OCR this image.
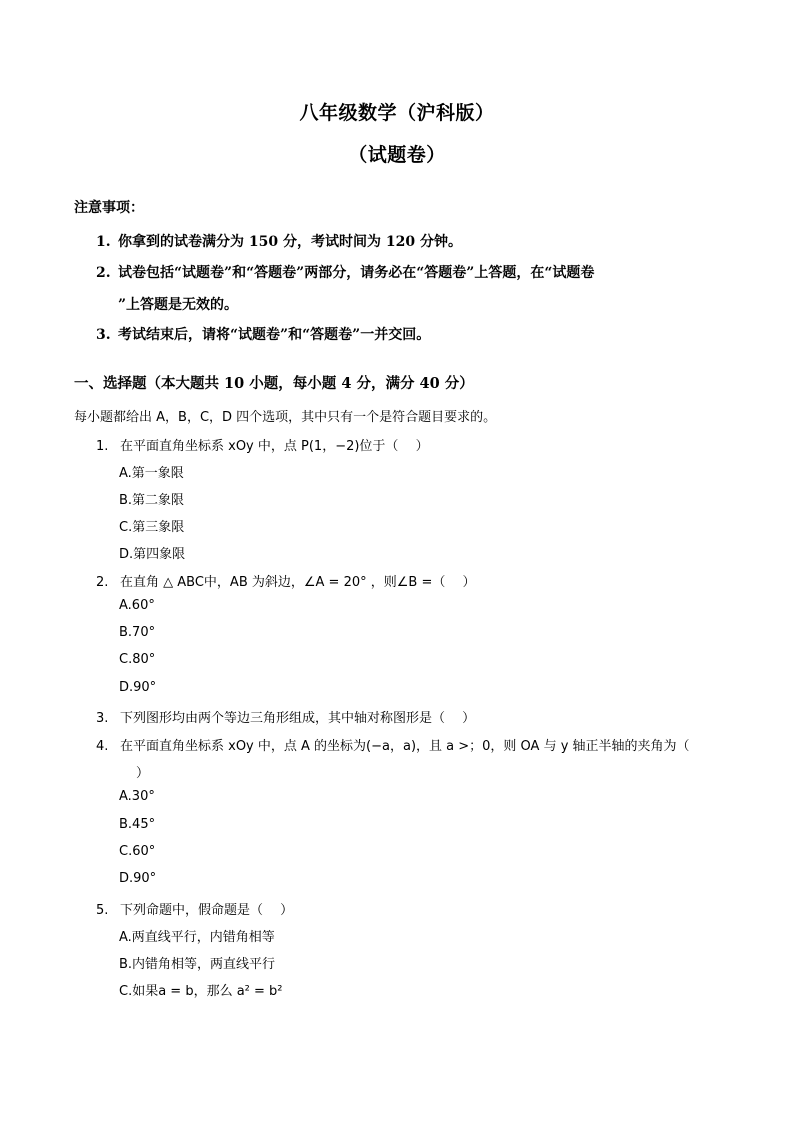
八年级数学（沪科版）
（试题卷）
注意事项：
1. 你拿到的试卷满分为 150 分，考试时间为 120 分钟。
2. 试卷包括“试题卷”和“答题卷”两部分，请务必在“答题卷”上答题，在“试题卷
”上答题是无效的。
3. 考试结束后，请将“试题卷”和“答题卷”一并交回。
一、选择题（本大题共 10 小题，每小题 4 分，满分 40 分）
每小题都给出 A，B，C，D 四个选项，其中只有一个是符合题目要求的。
1. 在平面直角坐标系 xOy 中，点 P(1，−2)位于（　 ）
A.第一象限
B.第二象限
C.第三象限
D.第四象限
2. 在直角 △ ABC中，AB 为斜边，∠A = 20° ，则∠B =（　 ）
A.60°
B.70°
C.80°
D.90°
3. 下列图形均由两个等边三角形组成，其中轴对称图形是（　 ）
4. 在平面直角坐标系 xOy 中，点 A 的坐标为(−a，a)，且 a >；0，则 OA 与 y 轴正半轴的夹角为（
）
A.30°
B.45°
C.60°
D.90°
5. 下列命题中，假命题是（　 ）
A.两直线平行，内错角相等
B.内错角相等，两直线平行
C.如果a = b，那么 a² = b²
